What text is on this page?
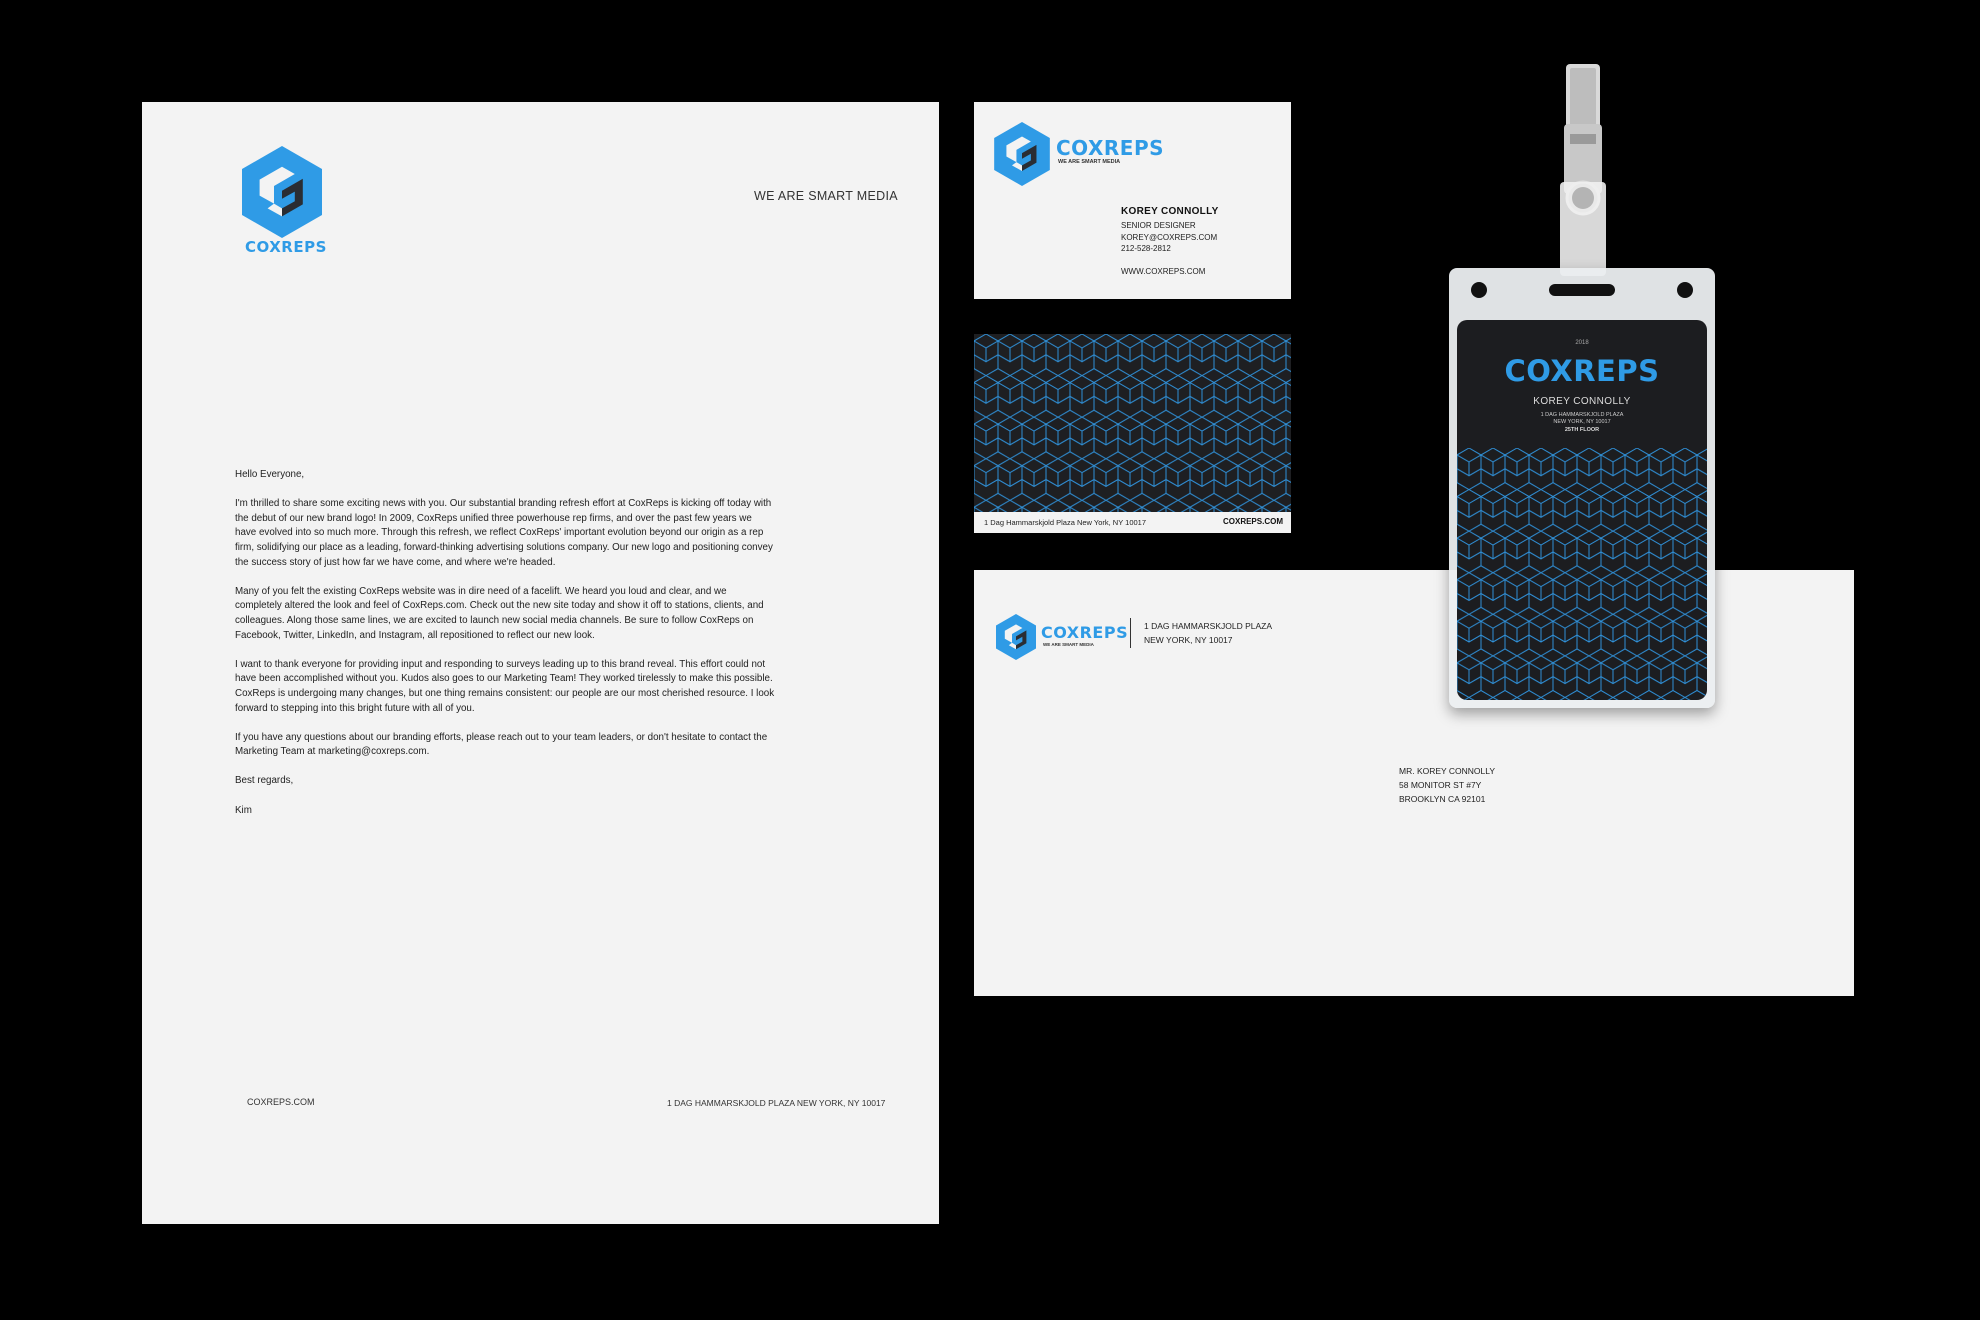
COXREPS
WE ARE SMART MEDIA

Hello Everyone,

I'm thrilled to share some exciting news with you. Our substantial branding refresh effort at CoxReps is kicking off today with the debut of our new brand logo! In 2009, CoxReps unified three powerhouse rep firms, and over the past few years we have evolved into so much more. Through this refresh, we reflect CoxReps' important evolution beyond our origin as a rep firm, solidifying our place as a leading, forward-thinking advertising solutions company. Our new logo and positioning convey the success story of just how far we have come, and where we're headed.

Many of you felt the existing CoxReps website was in dire need of a facelift. We heard you loud and clear, and we completely altered the look and feel of CoxReps.com. Check out the new site today and show it off to stations, clients, and colleagues. Along those same lines, we are excited to launch new social media channels. Be sure to follow CoxReps on Facebook, Twitter, LinkedIn, and Instagram, all repositioned to reflect our new look.

I want to thank everyone for providing input and responding to surveys leading up to this brand reveal. This effort could not have been accomplished without you. Kudos also goes to our Marketing Team! They worked tirelessly to make this possible. CoxReps is undergoing many changes, but one thing remains consistent: our people are our most cherished resource. I look forward to stepping into this bright future with all of you.

If you have any questions about our branding efforts, please reach out to your team leaders, or don't hesitate to contact the Marketing Team at marketing@coxreps.com.

Best regards,

Kim

COXREPS.COM	1 DAG HAMMARSKJOLD PLAZA NEW YORK, NY 10017
COXREPS
WE ARE SMART MEDIA
KOREY CONNOLLY
SENIOR DESIGNER
KOREY@COXREPS.COM
212-528-2812
WWW.COXREPS.COM
1 Dag Hammarskjold Plaza New York, NY 10017	COXREPS.COM
COXREPS
WE ARE SMART MEDIA
1 DAG HAMMARSKJOLD PLAZA
NEW YORK, NY 10017
MR. KOREY CONNOLLY
58 MONITOR ST #7Y
BROOKLYN CA 92101
2018
COXREPS
KOREY CONNOLLY
1 DAG HAMMARSKJOLD PLAZA
NEW YORK, NY 10017
25TH FLOOR
